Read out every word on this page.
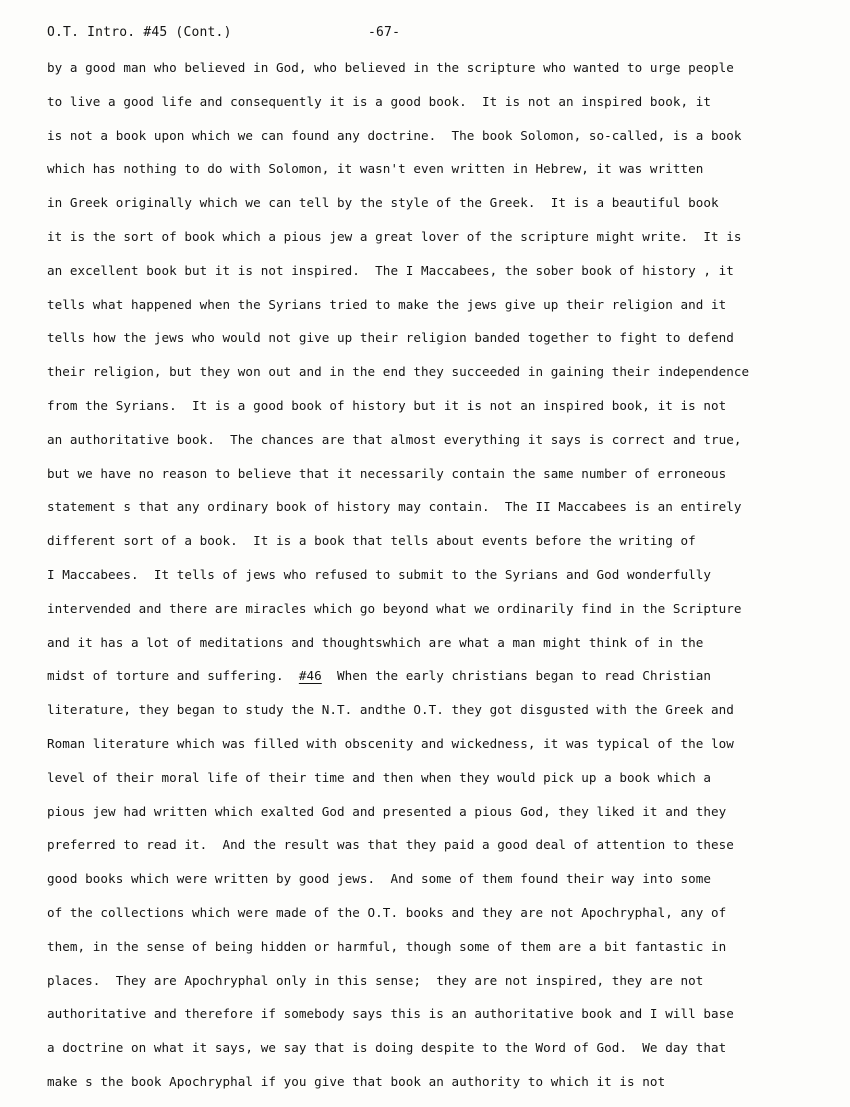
O.T. Intro. #45 (Cont.)	-67-
by a good man who believed in God, who believed in the scripture who wanted to urge people
to live a good life and consequently it is a good book.  It is not an inspired book, it
is not a book upon which we can found any doctrine.  The book Solomon, so-called, is a book
which has nothing to do with Solomon, it wasn't even written in Hebrew, it was written
in Greek originally which we can tell by the style of the Greek.  It is a beautiful book
it is the sort of book which a pious jew a great lover of the scripture might write.  It is
an excellent book but it is not inspired.  The I Maccabees, the sober book of history , it
tells what happened when the Syrians tried to make the jews give up their religion and it
tells how the jews who would not give up their religion banded together to fight to defend
their religion, but they won out and in the end they succeeded in gaining their independence
from the Syrians.  It is a good book of history but it is not an inspired book, it is not
an authoritative book.  The chances are that almost everything it says is correct and true,
but we have no reason to believe that it necessarily contain the same number of erroneous
statement s that any ordinary book of history may contain.  The II Maccabees is an entirely
different sort of a book.  It is a book that tells about events before the writing of
I Maccabees.  It tells of jews who refused to submit to the Syrians and God wonderfully
intervended and there are miracles which go beyond what we ordinarily find in the Scripture
and it has a lot of meditations and thoughtswhich are what a man might think of in the
midst of torture and suffering.  #46  When the early christians began to read Christian
literature, they began to study the N.T. andthe O.T. they got disgusted with the Greek and
Roman literature which was filled with obscenity and wickedness, it was typical of the low
level of their moral life of their time and then when they would pick up a book which a
pious jew had written which exalted God and presented a pious God, they liked it and they
preferred to read it.  And the result was that they paid a good deal of attention to these
good books which were written by good jews.  And some of them found their way into some
of the collections which were made of the O.T. books and they are not Apochryphal, any of
them, in the sense of being hidden or harmful, though some of them are a bit fantastic in
places.  They are Apochryphal only in this sense;  they are not inspired, they are not
authoritative and therefore if somebody says this is an authoritative book and I will base
a doctrine on what it says, we say that is doing despite to the Word of God.  We day that
make s the book Apochryphal if you give that book an authority to which it is not
